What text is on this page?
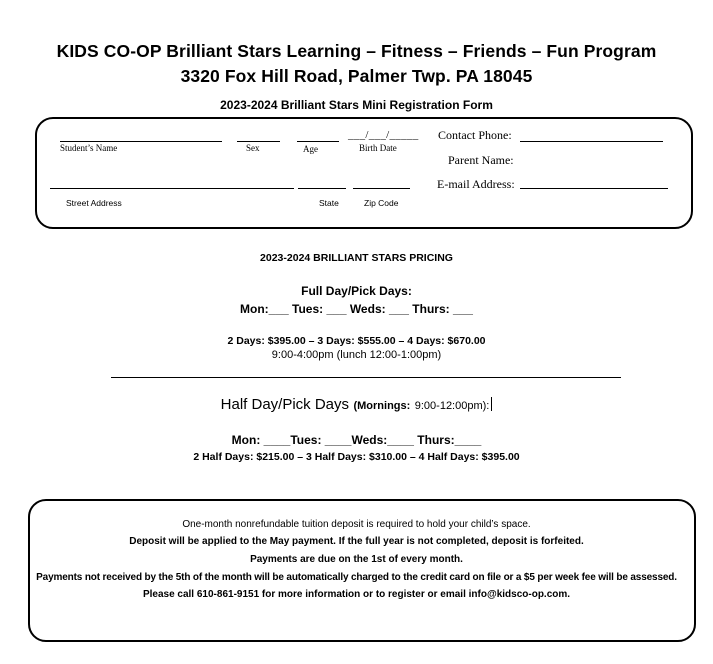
KIDS CO-OP Brilliant Stars Learning – Fitness – Friends – Fun Program
3320 Fox Hill Road, Palmer Twp. PA 18045
2023-2024 Brilliant Stars Mini Registration Form
Student’s Name	Sex	Age
___/___/_____
Birth Date
Contact Phone:
Parent Name:
Street Address	State	Zip Code
E-mail Address:
2023-2024 BRILLIANT STARS PRICING
Full Day/Pick Days:
Mon:___ Tues: ___ Weds: ___ Thurs: ___
2 Days: $395.00 – 3 Days: $555.00 – 4 Days: $670.00
9:00-4:00pm (lunch 12:00-1:00pm)
Half Day/Pick Days (Mornings: 9:00-12:00pm):
Mon: ____Tues: ____Weds:____ Thurs:____
2 Half Days: $215.00 – 3 Half Days: $310.00 – 4 Half Days: $395.00
One-month nonrefundable tuition deposit is required to hold your child’s space.
Deposit will be applied to the May payment. If the full year is not completed, deposit is forfeited.
Payments are due on the 1st of every month.
Payments not received by the 5th of the month will be automatically charged to the credit card on file or a $5 per week fee will be assessed.
Please call 610-861-9151 for more information or to register or email info@kidsco-op.com.
